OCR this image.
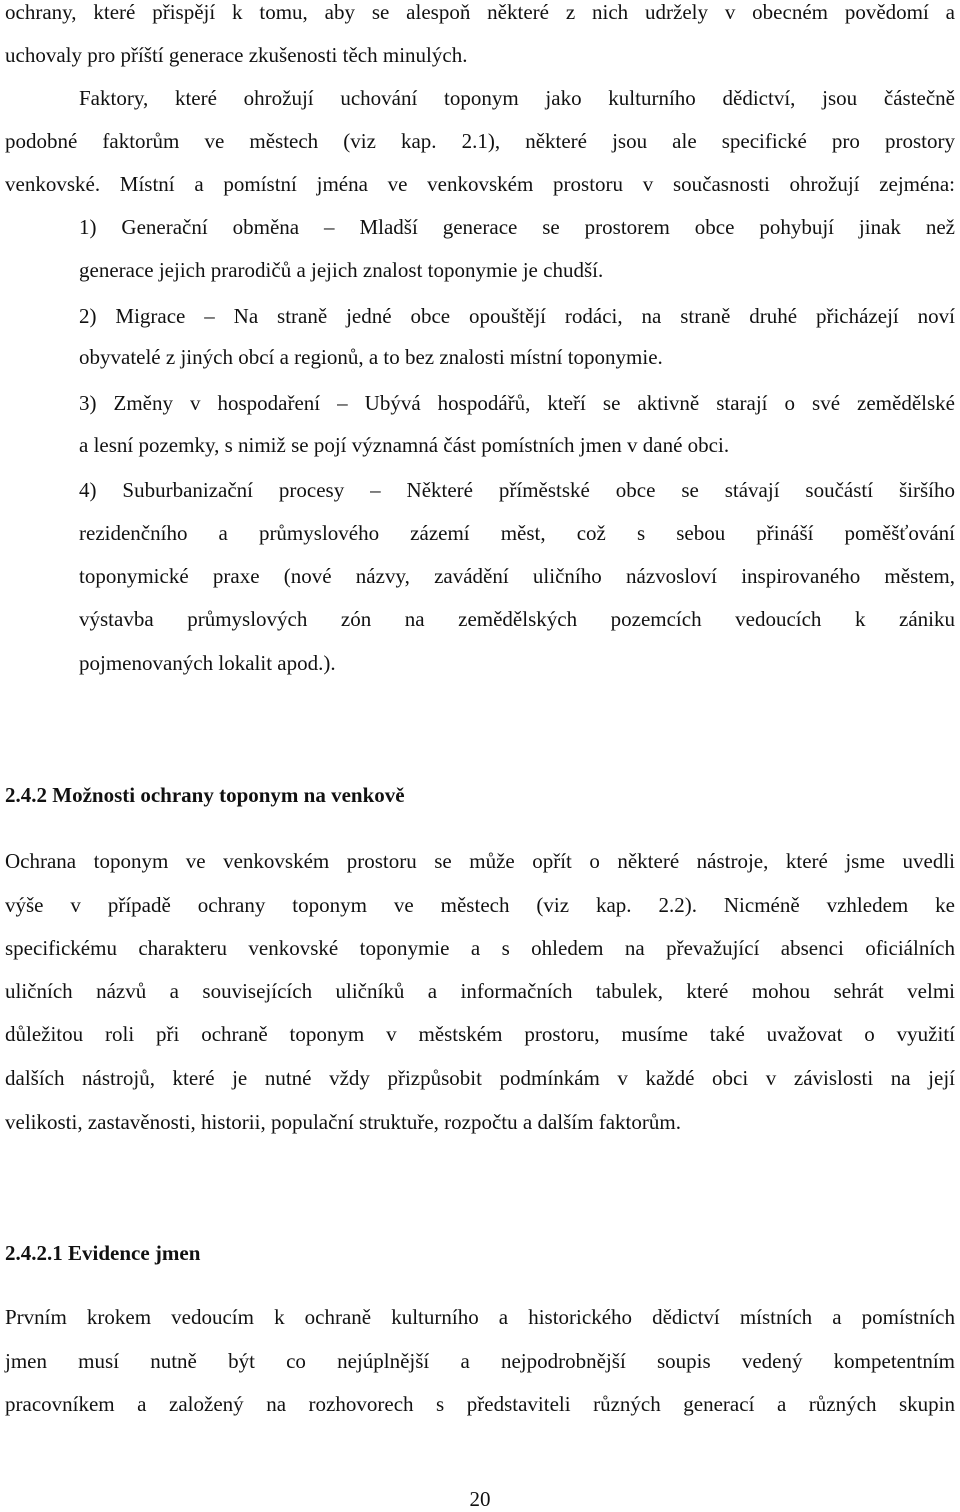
ochrany, které přispějí k tomu, aby se alespoň některé z nich udržely v obecném povědomí a
uchovaly pro příští generace zkušenosti těch minulých.
Faktory, které ohrožují uchování toponym jako kulturního dědictví, jsou částečně
podobné faktorům ve městech (viz kap. 2.1), některé jsou ale specifické pro prostory
venkovské. Místní a pomístní jména ve venkovském prostoru v současnosti ohrožují zejména:
1) Generační obměna – Mladší generace se prostorem obce pohybují jinak než
generace jejich prarodičů a jejich znalost toponymie je chudší.
2) Migrace – Na straně jedné obce opouštějí rodáci, na straně druhé přicházejí noví
obyvatelé z jiných obcí a regionů, a to bez znalosti místní toponymie.
3) Změny v hospodaření – Ubývá hospodářů, kteří se aktivně starají o své zemědělské
a lesní pozemky, s nimiž se pojí významná část pomístních jmen v dané obci.
4) Suburbanizační procesy – Některé příměstské obce se stávají součástí širšího
rezidenčního a průmyslového zázemí měst, což s sebou přináší poměšťování
toponymické praxe (nové názvy, zavádění uličního názvosloví inspirovaného městem,
výstavba průmyslových zón na zemědělských pozemcích vedoucích k zániku
pojmenovaných lokalit apod.).
2.4.2 Možnosti ochrany toponym na venkově
Ochrana toponym ve venkovském prostoru se může opřít o některé nástroje, které jsme uvedli
výše v případě ochrany toponym ve městech (viz kap. 2.2). Nicméně vzhledem ke
specifickému charakteru venkovské toponymie a s ohledem na převažující absenci oficiálních
uličních názvů a souvisejících uličníků a informačních tabulek, které mohou sehrát velmi
důležitou roli při ochraně toponym v městském prostoru, musíme také uvažovat o využití
dalších nástrojů, které je nutné vždy přizpůsobit podmínkám v každé obci v závislosti na její
velikosti, zastavěnosti, historii, populační struktuře, rozpočtu a dalším faktorům.
2.4.2.1 Evidence jmen
Prvním krokem vedoucím k ochraně kulturního a historického dědictví místních a pomístních
jmen musí nutně být co nejúplnější a nejpodrobnější soupis vedený kompetentním
pracovníkem a založený na rozhovorech s představiteli různých generací a různých skupin
20
